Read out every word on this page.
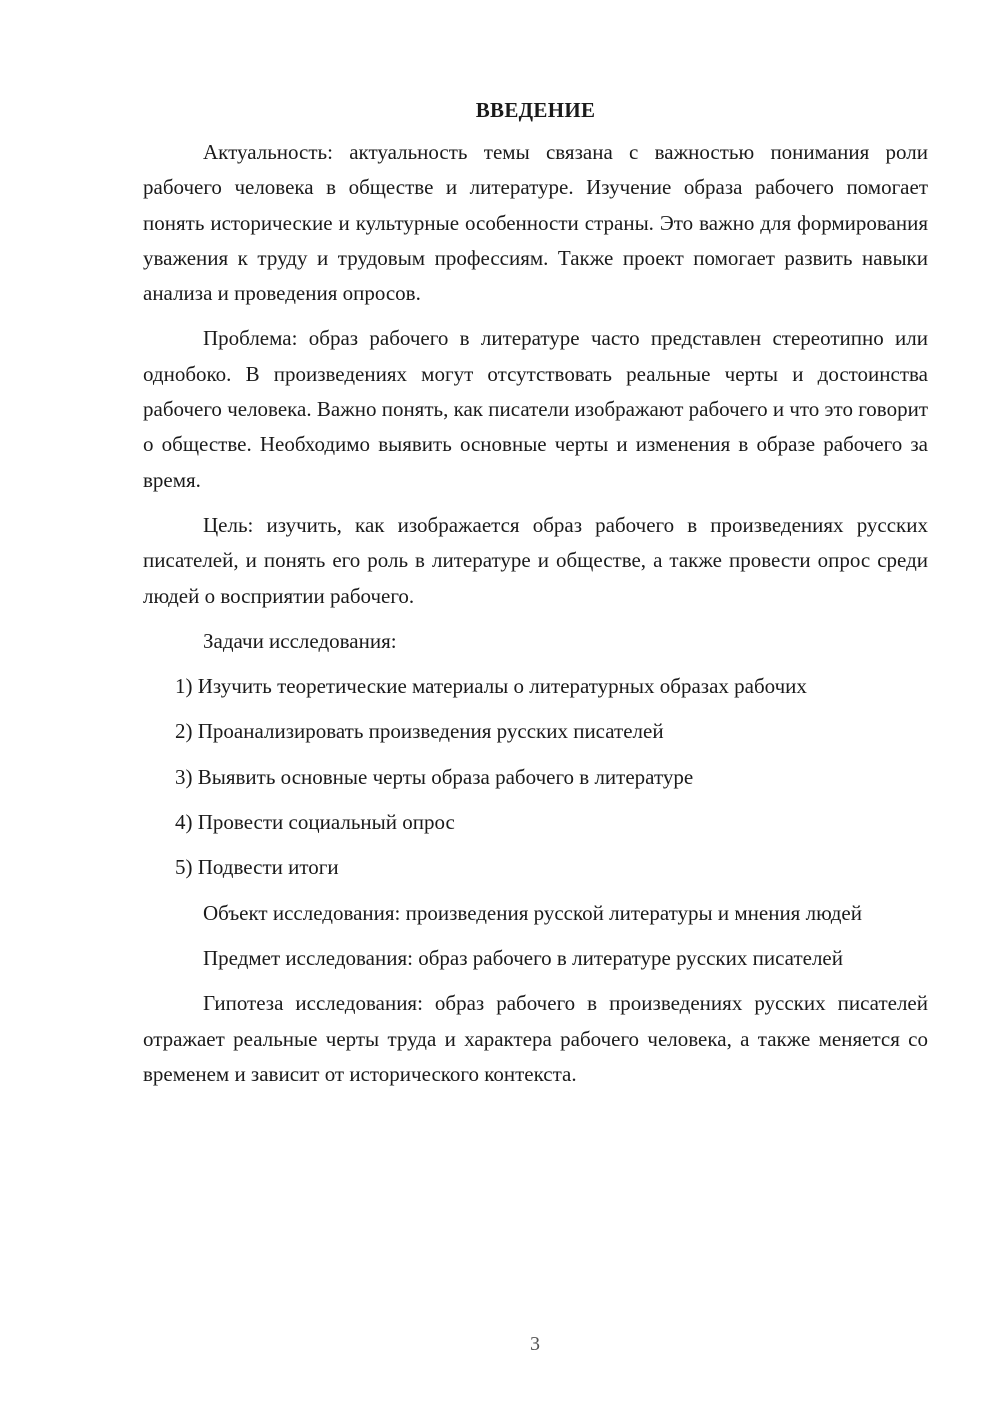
ВВЕДЕНИЕ

Актуальность: актуальность темы связана с важностью понимания роли рабочего человека в обществе и литературе. Изучение образа рабочего помогает понять исторические и культурные особенности страны. Это важно для формирования уважения к труду и трудовым профессиям. Также проект помогает развить навыки анализа и проведения опросов.

Проблема: образ рабочего в литературе часто представлен стереотипно или однобоко. В произведениях могут отсутствовать реальные черты и достоинства рабочего человека. Важно понять, как писатели изображают рабочего и что это говорит о обществе. Необходимо выявить основные черты и изменения в образе рабочего за время.

Цель: изучить, как изображается образ рабочего в произведениях русских писателей, и понять его роль в литературе и обществе, а также провести опрос среди людей о восприятии рабочего.

Задачи исследования:

1) Изучить теоретические материалы о литературных образах рабочих

2) Проанализировать произведения русских писателей

3) Выявить основные черты образа рабочего в литературе

4) Провести социальный опрос

5) Подвести итоги

Объект исследования: произведения русской литературы и мнения людей

Предмет исследования: образ рабочего в литературе русских писателей

Гипотеза исследования: образ рабочего в произведениях русских писателей отражает реальные черты труда и характера рабочего человека, а также меняется со временем и зависит от исторического контекста.

3
